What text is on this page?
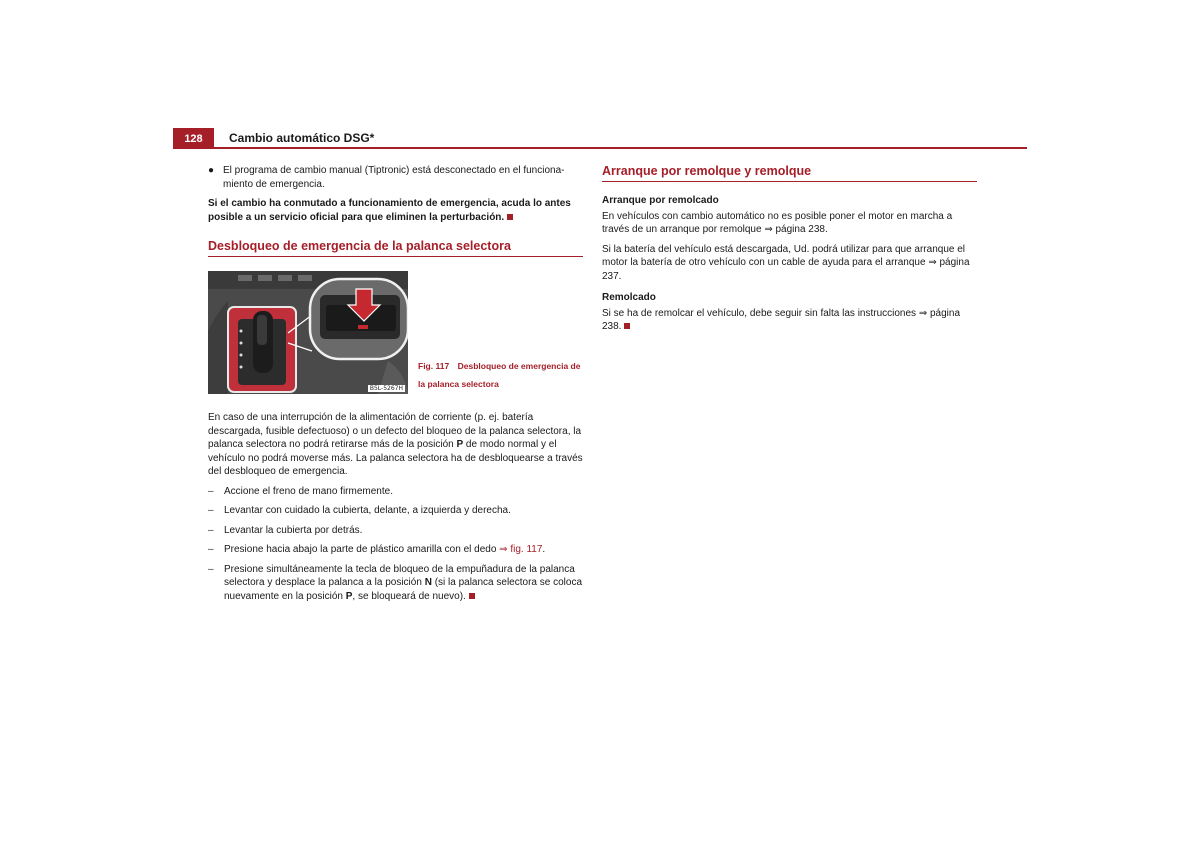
128	Cambio automático DSG*
● El programa de cambio manual (Tiptronic) está desconectado en el funciona-miento de emergencia.

Si el cambio ha conmutado a funcionamiento de emergencia, acuda lo antes posible a un servicio oficial para que eliminen la perturbación.

Desbloqueo de emergencia de la palanca selectora
B5L-5267H
Fig. 117 Desbloqueo de emergencia de la palanca selectora

En caso de una interrupción de la alimentación de corriente (p. ej. batería descargada, fusible defectuoso) o un defecto del bloqueo de la palanca selectora, la palanca selectora no podrá retirarse más de la posición P de modo normal y el vehículo no podrá moverse más. La palanca selectora ha de desbloquearse a través del desbloqueo de emergencia.

–	Accione el freno de mano firmemente.
–	Levantar con cuidado la cubierta, delante, a izquierda y derecha.
–	Levantar la cubierta por detrás.
–	Presione hacia abajo la parte de plástico amarilla con el dedo ⇒ fig. 117.
–	Presione simultáneamente la tecla de bloqueo de la empuñadura de la palanca selectora y desplace la palanca a la posición N (si la palanca selectora se coloca nuevamente en la posición P, se bloqueará de nuevo).
Arranque por remolque y remolque

Arranque por remolcado

En vehículos con cambio automático no es posible poner el motor en marcha a través de un arranque por remolque ⇒ página 238.

Si la batería del vehículo está descargada, Ud. podrá utilizar para que arranque el motor la batería de otro vehículo con un cable de ayuda para el arranque ⇒ página 237.

Remolcado

Si se ha de remolcar el vehículo, debe seguir sin falta las instrucciones ⇒ página 238.
